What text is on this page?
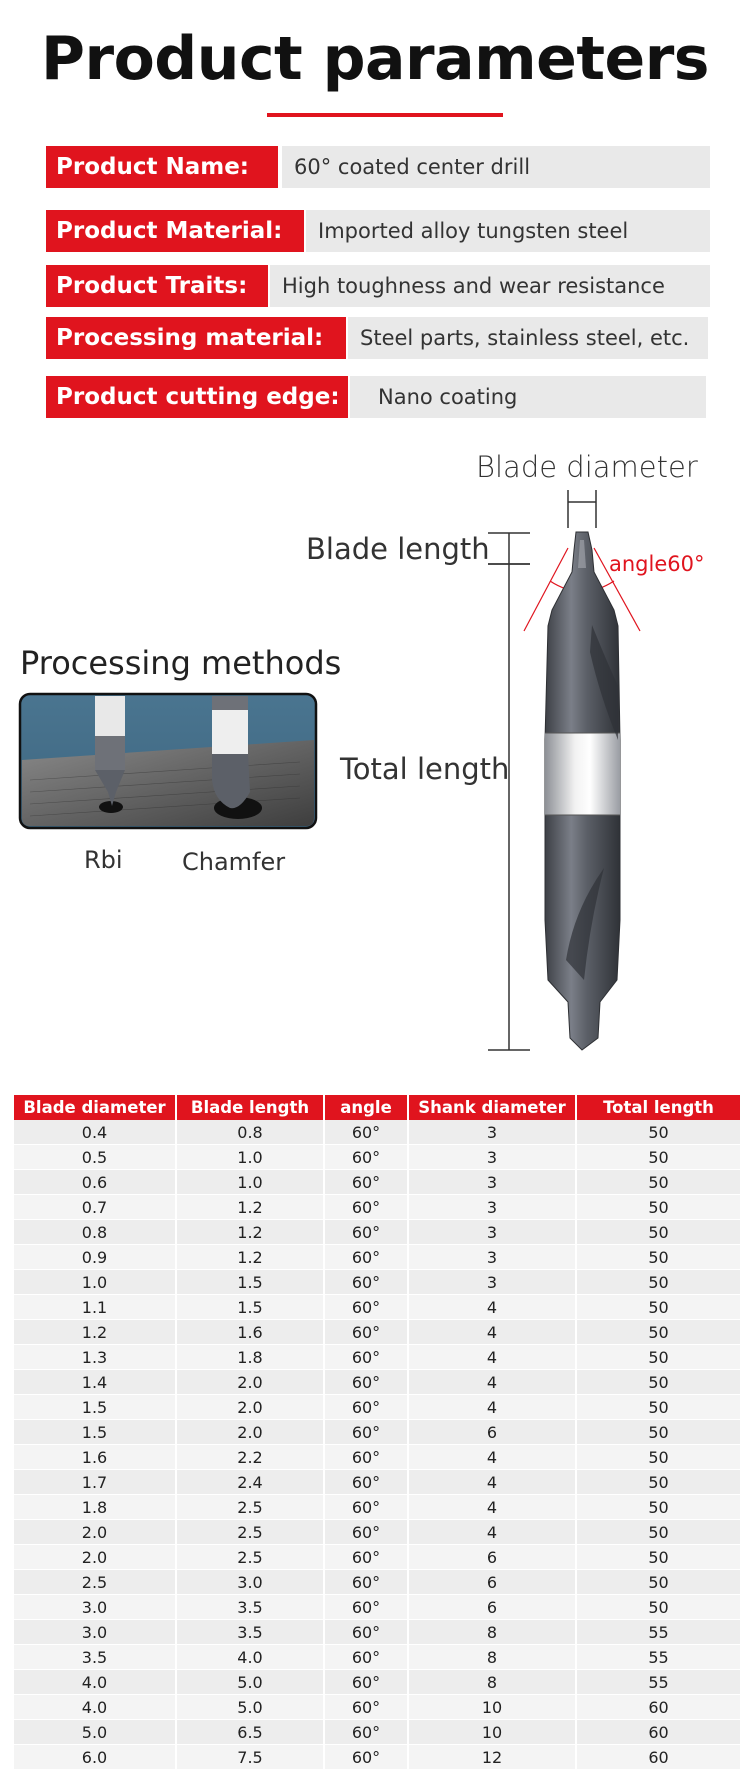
Product parameters
Product Name:	60° coated center drill
Product Material:	Imported alloy tungsten steel
Product Traits:	High toughness and wear resistance
Processing material:	Steel parts, stainless steel, etc.
Product cutting edge:	Nano coating
Blade diameter
Blade length	angle60°
Total length
Processing methods
Rbi Chamfer
Blade diameter	Blade length	angle	Shank diameter	Total length
0.4	0.8	60°	3	50
0.5	1.0	60°	3	50
0.6	1.0	60°	3	50
0.7	1.2	60°	3	50
0.8	1.2	60°	3	50
0.9	1.2	60°	3	50
1.0	1.5	60°	3	50
1.1	1.5	60°	4	50
1.2	1.6	60°	4	50
1.3	1.8	60°	4	50
1.4	2.0	60°	4	50
1.5	2.0	60°	4	50
1.5	2.0	60°	6	50
1.6	2.2	60°	4	50
1.7	2.4	60°	4	50
1.8	2.5	60°	4	50
2.0	2.5	60°	4	50
2.0	2.5	60°	6	50
2.5	3.0	60°	6	50
3.0	3.5	60°	6	50
3.0	3.5	60°	8	55
3.5	4.0	60°	8	55
4.0	5.0	60°	8	55
4.0	5.0	60°	10	60
5.0	6.5	60°	10	60
6.0	7.5	60°	12	60
